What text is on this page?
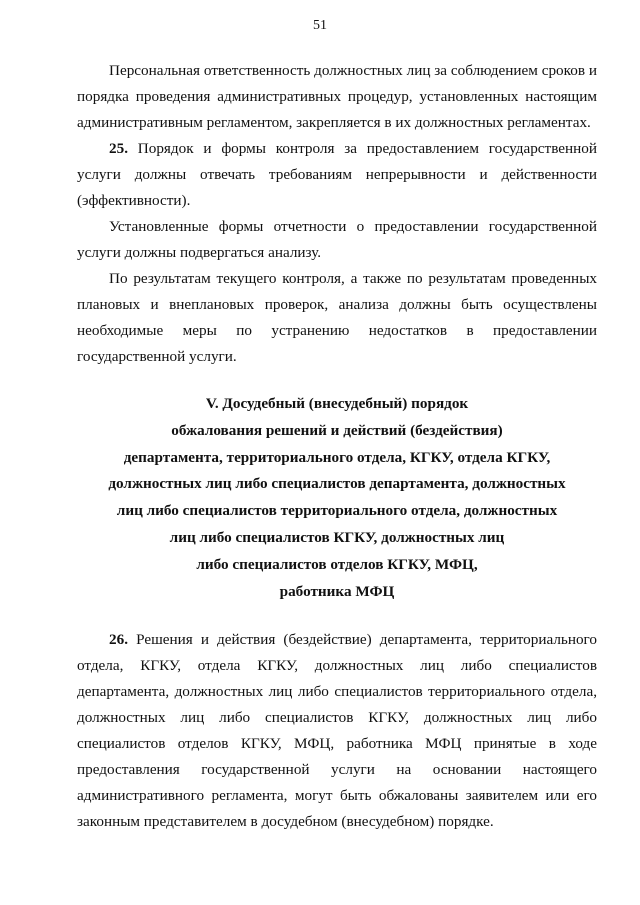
51

Персональная ответственность должностных лиц за соблюдением сроков и
порядка проведения административных процедур, установленных настоящим
административным регламентом, закрепляется в их должностных регламентах.

25. Порядок и формы контроля за предоставлением государственной
услуги должны отвечать требованиям непрерывности и действенности
(эффективности).

Установленные формы отчетности о предоставлении государственной
услуги должны подвергаться анализу.

По результатам текущего контроля, а также по результатам проведенных
плановых и внеплановых проверок, анализа должны быть осуществлены
необходимые меры по устранению недостатков в предоставлении
государственной услуги.

V. Досудебный (внесудебный) порядок
обжалования решений и действий (бездействия)
департамента, территориального отдела, КГКУ, отдела КГКУ,
должностных лиц либо специалистов департамента, должностных
лиц либо специалистов территориального отдела, должностных
лиц либо специалистов КГКУ, должностных лиц
либо специалистов отделов КГКУ, МФЦ,
работника МФЦ

26. Решения и действия (бездействие) департамента, территориального
отдела, КГКУ, отдела КГКУ, должностных лиц либо специалистов
департамента, должностных лиц либо специалистов территориального отдела,
должностных лиц либо специалистов КГКУ, должностных лиц либо
специалистов отделов КГКУ, МФЦ, работника МФЦ принятые в ходе
предоставления государственной услуги на основании настоящего
административного регламента, могут быть обжалованы заявителем или его
законным представителем в досудебном (внесудебном) порядке.
